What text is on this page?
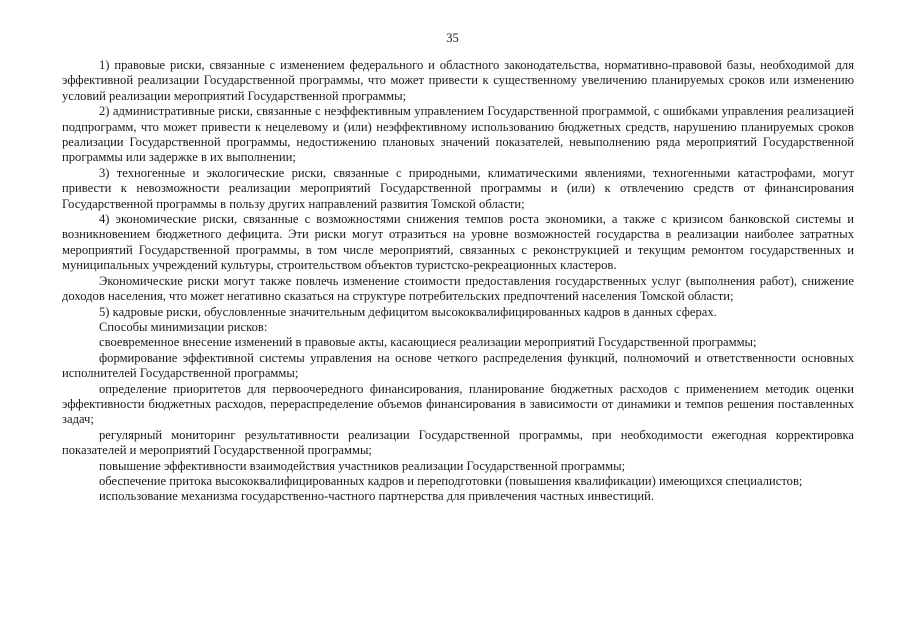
35

1) правовые риски, связанные с изменением федерального и областного законодательства, нормативно-правовой базы, необходимой для эффективной реализации Государственной программы, что может привести к существенному увеличению планируемых сроков или изменению условий реализации мероприятий Государственной программы;

2) административные риски, связанные с неэффективным управлением Государственной программой, с ошибками управления реализацией подпрограмм, что может привести к нецелевому и (или) неэффективному использованию бюджетных средств, нарушению планируемых сроков реализации Государственной программы, недостижению плановых значений показателей, невыполнению ряда мероприятий Государственной программы или задержке в их выполнении;

3) техногенные и экологические риски, связанные с природными, климатическими явлениями, техногенными катастрофами, могут привести к невозможности реализации мероприятий Государственной программы и (или) к отвлечению средств от финансирования Государственной программы в пользу других направлений развития Томской области;

4) экономические риски, связанные с возможностями снижения темпов роста экономики, а также с кризисом банковской системы и возникновением бюджетного дефицита. Эти риски могут отразиться на уровне возможностей государства в реализации наиболее затратных мероприятий Государственной программы, в том числе мероприятий, связанных с реконструкцией и текущим ремонтом государственных и муниципальных учреждений культуры, строительством объектов туристско-рекреационных кластеров.

Экономические риски могут также повлечь изменение стоимости предоставления государственных услуг (выполнения работ), снижение доходов населения, что может негативно сказаться на структуре потребительских предпочтений населения Томской области;

5) кадровые риски, обусловленные значительным дефицитом высококвалифицированных кадров в данных сферах.

Способы минимизации рисков:

своевременное внесение изменений в правовые акты, касающиеся реализации мероприятий Государственной программы;

формирование эффективной системы управления на основе четкого распределения функций, полномочий и ответственности основных исполнителей Государственной программы;

определение приоритетов для первоочередного финансирования, планирование бюджетных расходов с применением методик оценки эффективности бюджетных расходов, перераспределение объемов финансирования в зависимости от динамики и темпов решения поставленных задач;

регулярный мониторинг результативности реализации Государственной программы, при необходимости ежегодная корректировка показателей и мероприятий Государственной программы;

повышение эффективности взаимодействия участников реализации Государственной программы;

обеспечение притока высококвалифицированных кадров и переподготовки (повышения квалификации) имеющихся специалистов;

использование механизма государственно-частного партнерства для привлечения частных инвестиций.
